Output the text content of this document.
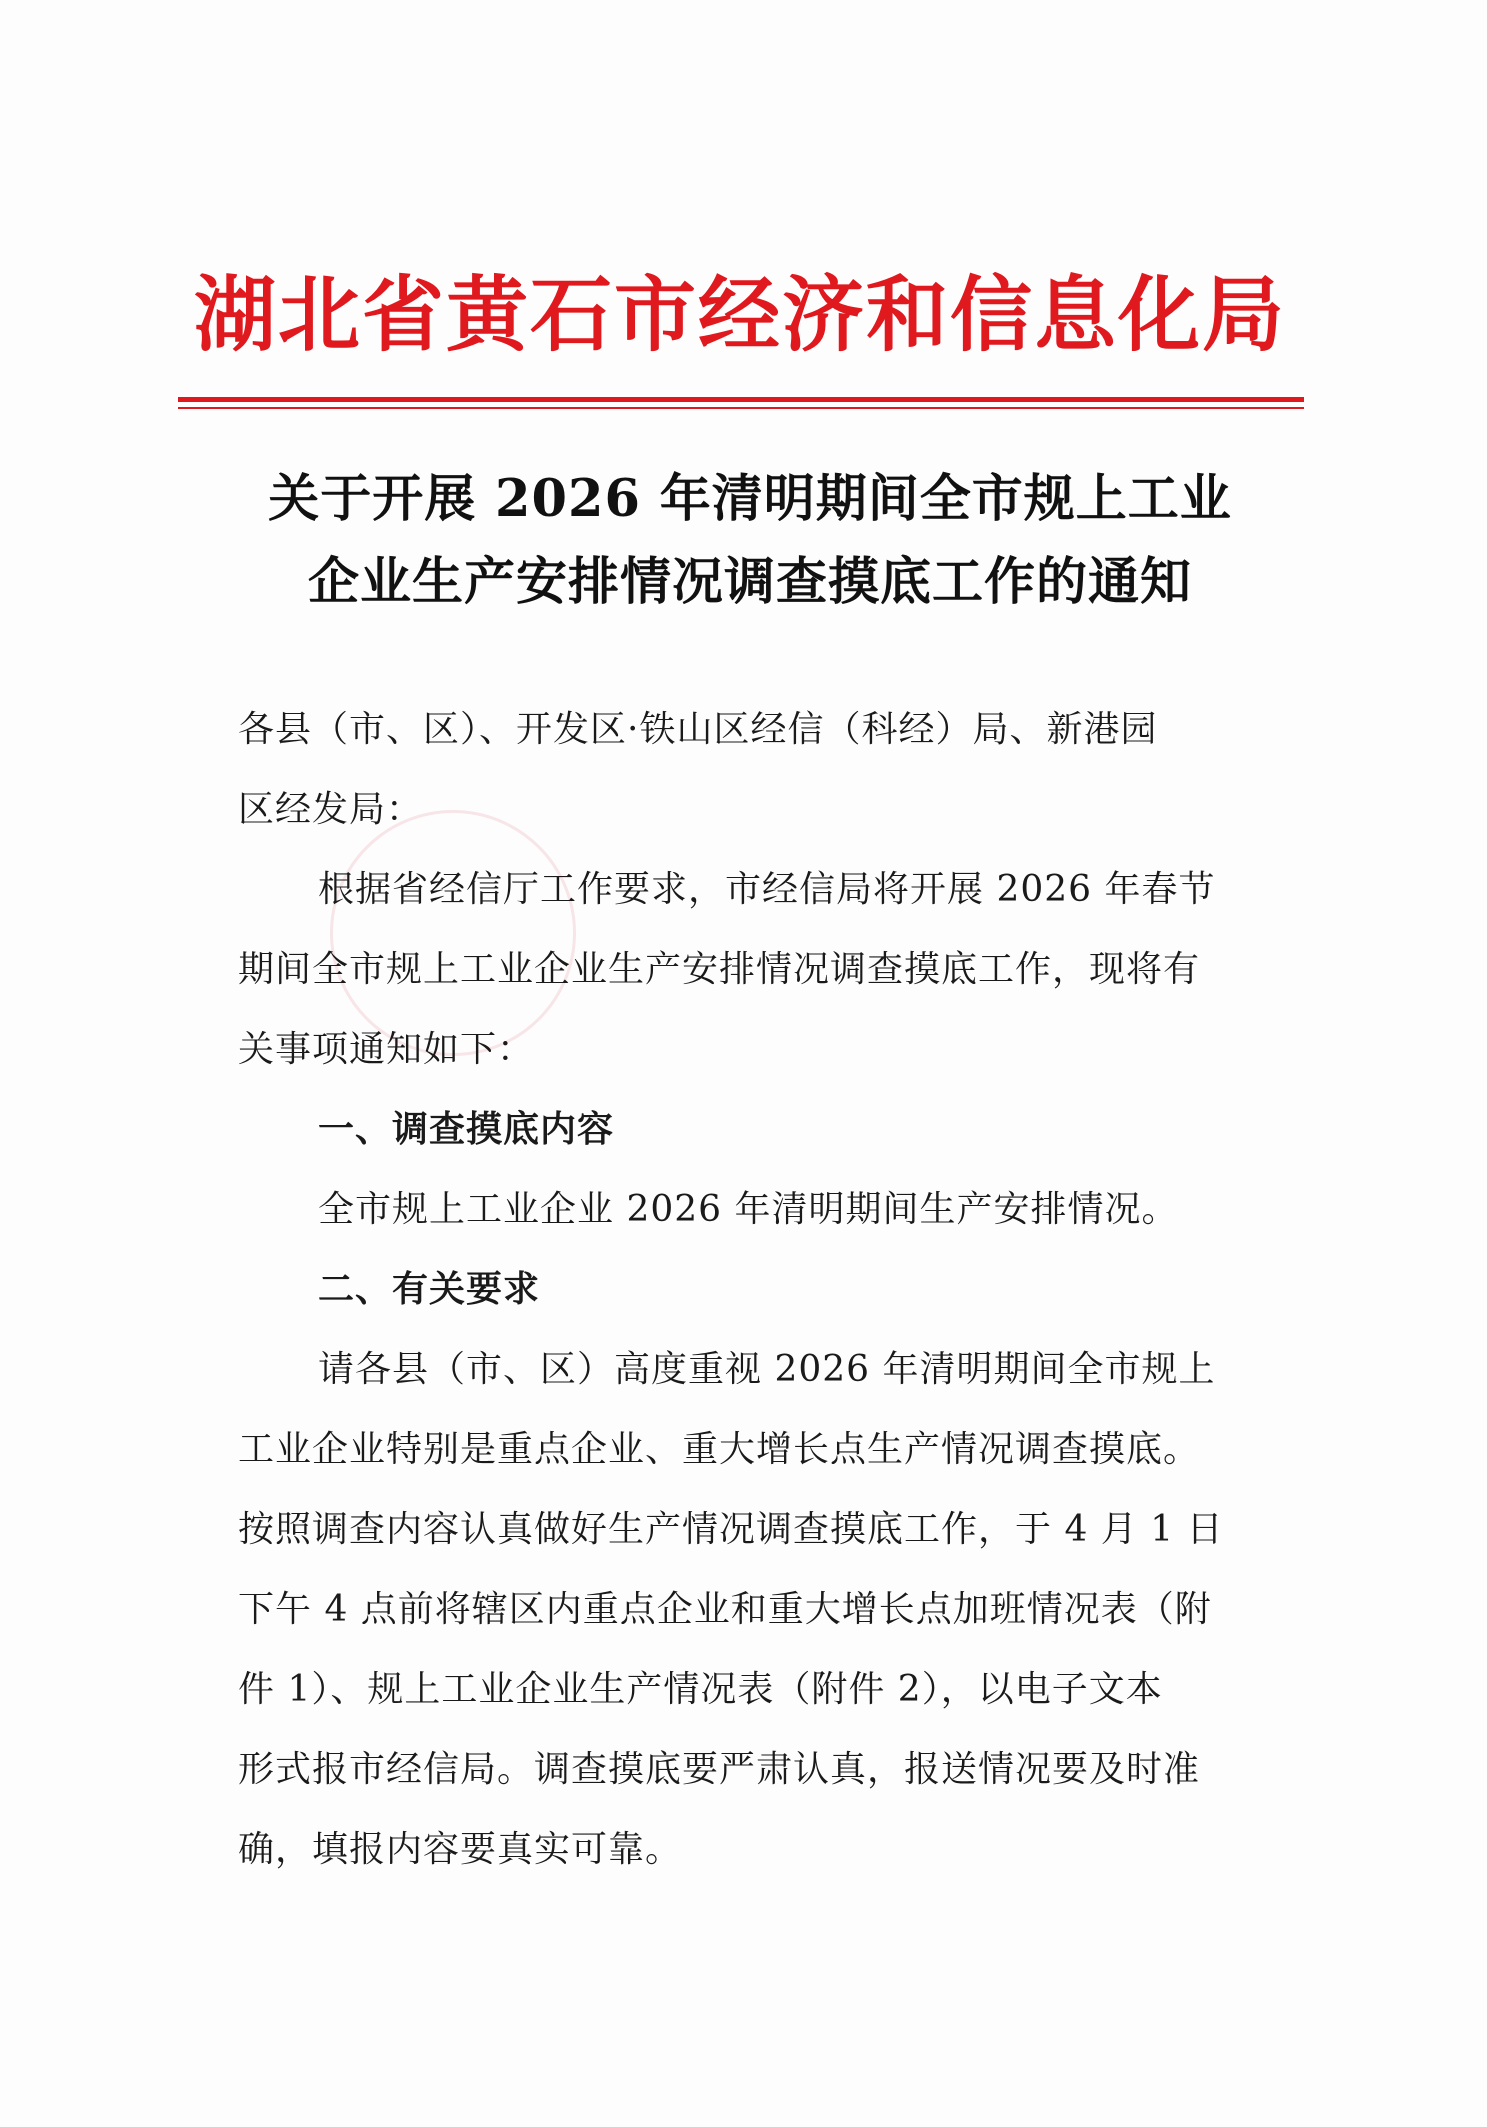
湖北省黄石市经济和信息化局
关于开展 2026 年清明期间全市规上工业
企业生产安排情况调查摸底工作的通知
各县（市、区）、开发区·铁山区经信（科经）局、新港园
区经发局：
根据省经信厅工作要求，市经信局将开展 2026 年春节
期间全市规上工业企业生产安排情况调查摸底工作，现将有
关事项通知如下：
一、调查摸底内容
全市规上工业企业 2026 年清明期间生产安排情况。
二、有关要求
请各县（市、区）高度重视 2026 年清明期间全市规上
工业企业特别是重点企业、重大增长点生产情况调查摸底。
按照调查内容认真做好生产情况调查摸底工作，于 4 月 1 日
下午 4 点前将辖区内重点企业和重大增长点加班情况表（附
件 1）、规上工业企业生产情况表（附件 2），以电子文本
形式报市经信局。调查摸底要严肃认真，报送情况要及时准
确，填报内容要真实可靠。
